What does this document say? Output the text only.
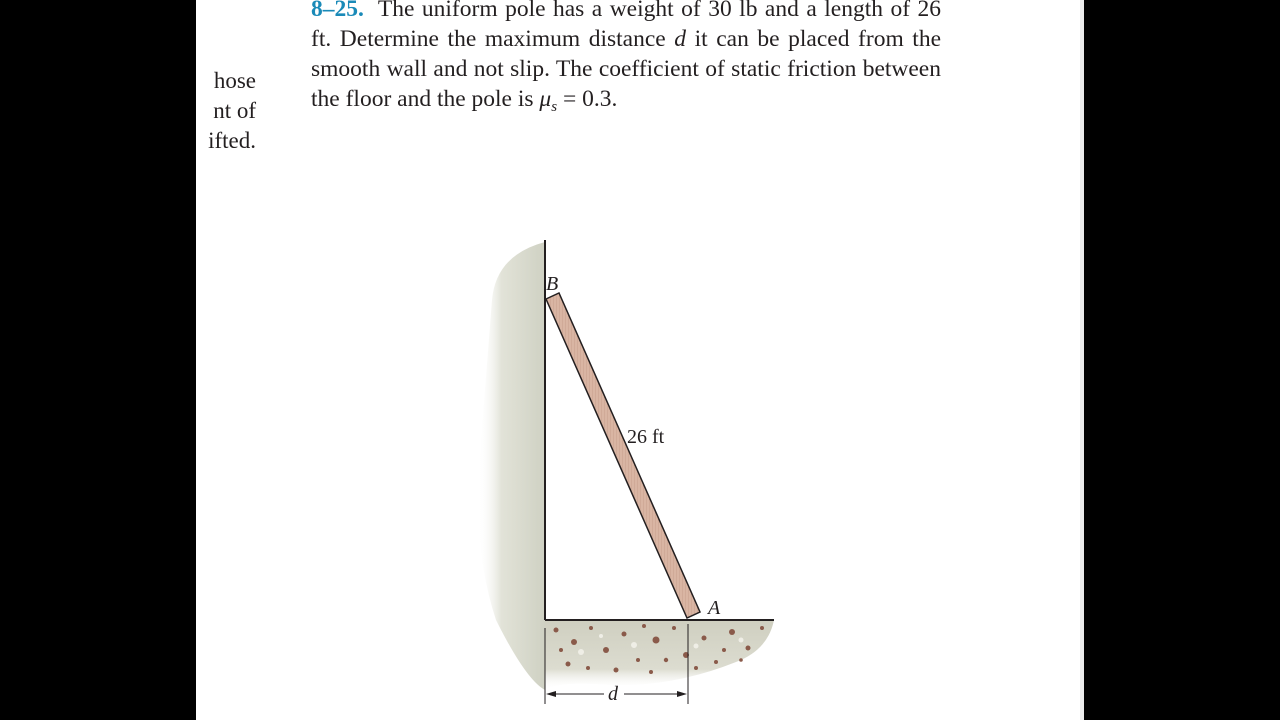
hose
nt of
ifted.
8–25. The uniform pole has a weight of 30 lb and a length of 26 ft. Determine the maximum distance d it can be placed from the smooth wall and not slip. The coefficient of static friction between the floor and the pole is $\mu_s = 0.3$.
B
A
26 ft
d
